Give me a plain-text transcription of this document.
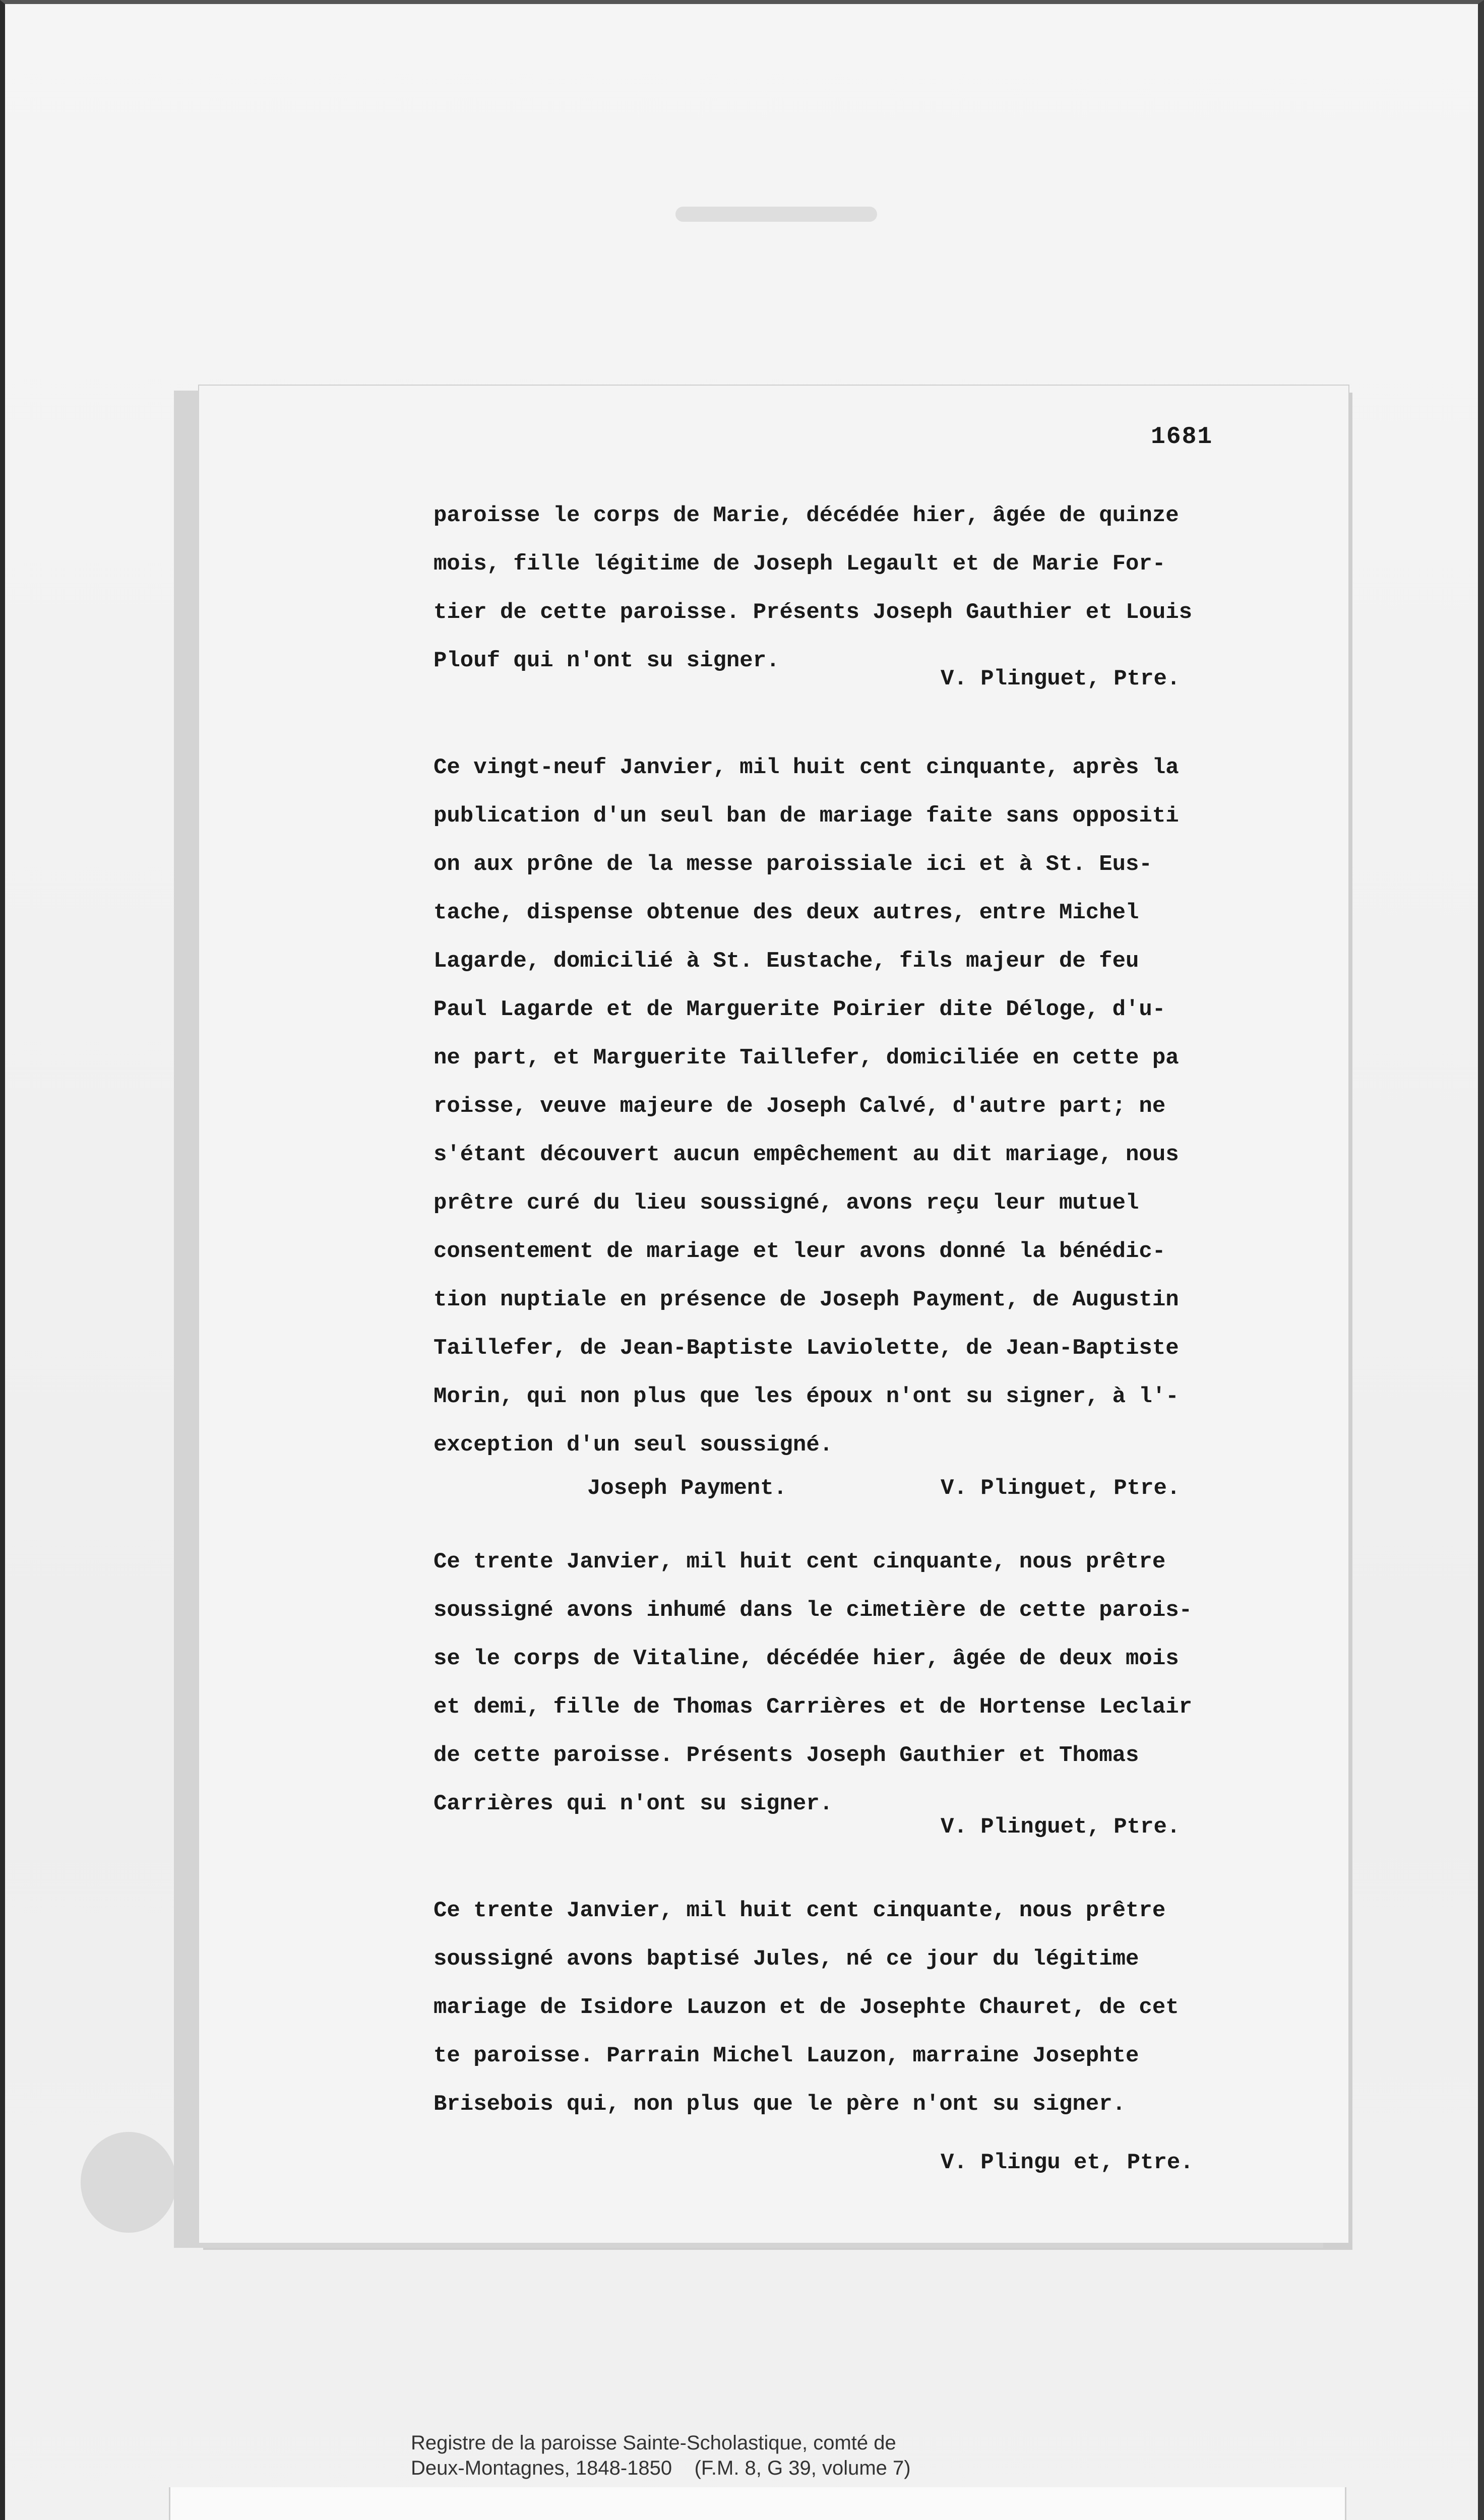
1681
paroisse le corps de Marie, décédée hier, âgée de quinze
mois, fille légitime de Joseph Legault et de Marie For-
tier de cette paroisse. Présents Joseph Gauthier et Louis
Plouf qui n'ont su signer.
V. Plinguet, Ptre.
Ce vingt-neuf Janvier, mil huit cent cinquante, après la
publication d'un seul ban de mariage faite sans oppositi
on aux prône de la messe paroissiale ici et à St. Eus-
tache, dispense obtenue des deux autres, entre Michel
Lagarde, domicilié à St. Eustache, fils majeur de feu
Paul Lagarde et de Marguerite Poirier dite Déloge, d'u-
ne part, et Marguerite Taillefer, domiciliée en cette pa
roisse, veuve majeure de Joseph Calvé, d'autre part; ne
s'étant découvert aucun empêchement au dit mariage, nous
prêtre curé du lieu soussigné, avons reçu leur mutuel
consentement de mariage et leur avons donné la bénédic-
tion nuptiale en présence de Joseph Payment, de Augustin
Taillefer, de Jean-Baptiste Laviolette, de Jean-Baptiste
Morin, qui non plus que les époux n'ont su signer, à l'-
exception d'un seul soussigné.
Joseph Payment.	V. Plinguet, Ptre.
Ce trente Janvier, mil huit cent cinquante, nous prêtre
soussigné avons inhumé dans le cimetière de cette parois-
se le corps de Vitaline, décédée hier, âgée de deux mois
et demi, fille de Thomas Carrières et de Hortense Leclair
de cette paroisse. Présents Joseph Gauthier et Thomas
Carrières qui n'ont su signer.
V. Plinguet, Ptre.
Ce trente Janvier, mil huit cent cinquante, nous prêtre
soussigné avons baptisé Jules, né ce jour du légitime
mariage de Isidore Lauzon et de Josephte Chauret, de cet
te paroisse. Parrain Michel Lauzon, marraine Josephte
Brisebois qui, non plus que le père n'ont su signer.
V. Plingu et, Ptre.
Registre de la paroisse Sainte-Scholastique, comté de
Deux-Montagnes, 1848-1850    (F.M. 8, G 39, volume 7)
